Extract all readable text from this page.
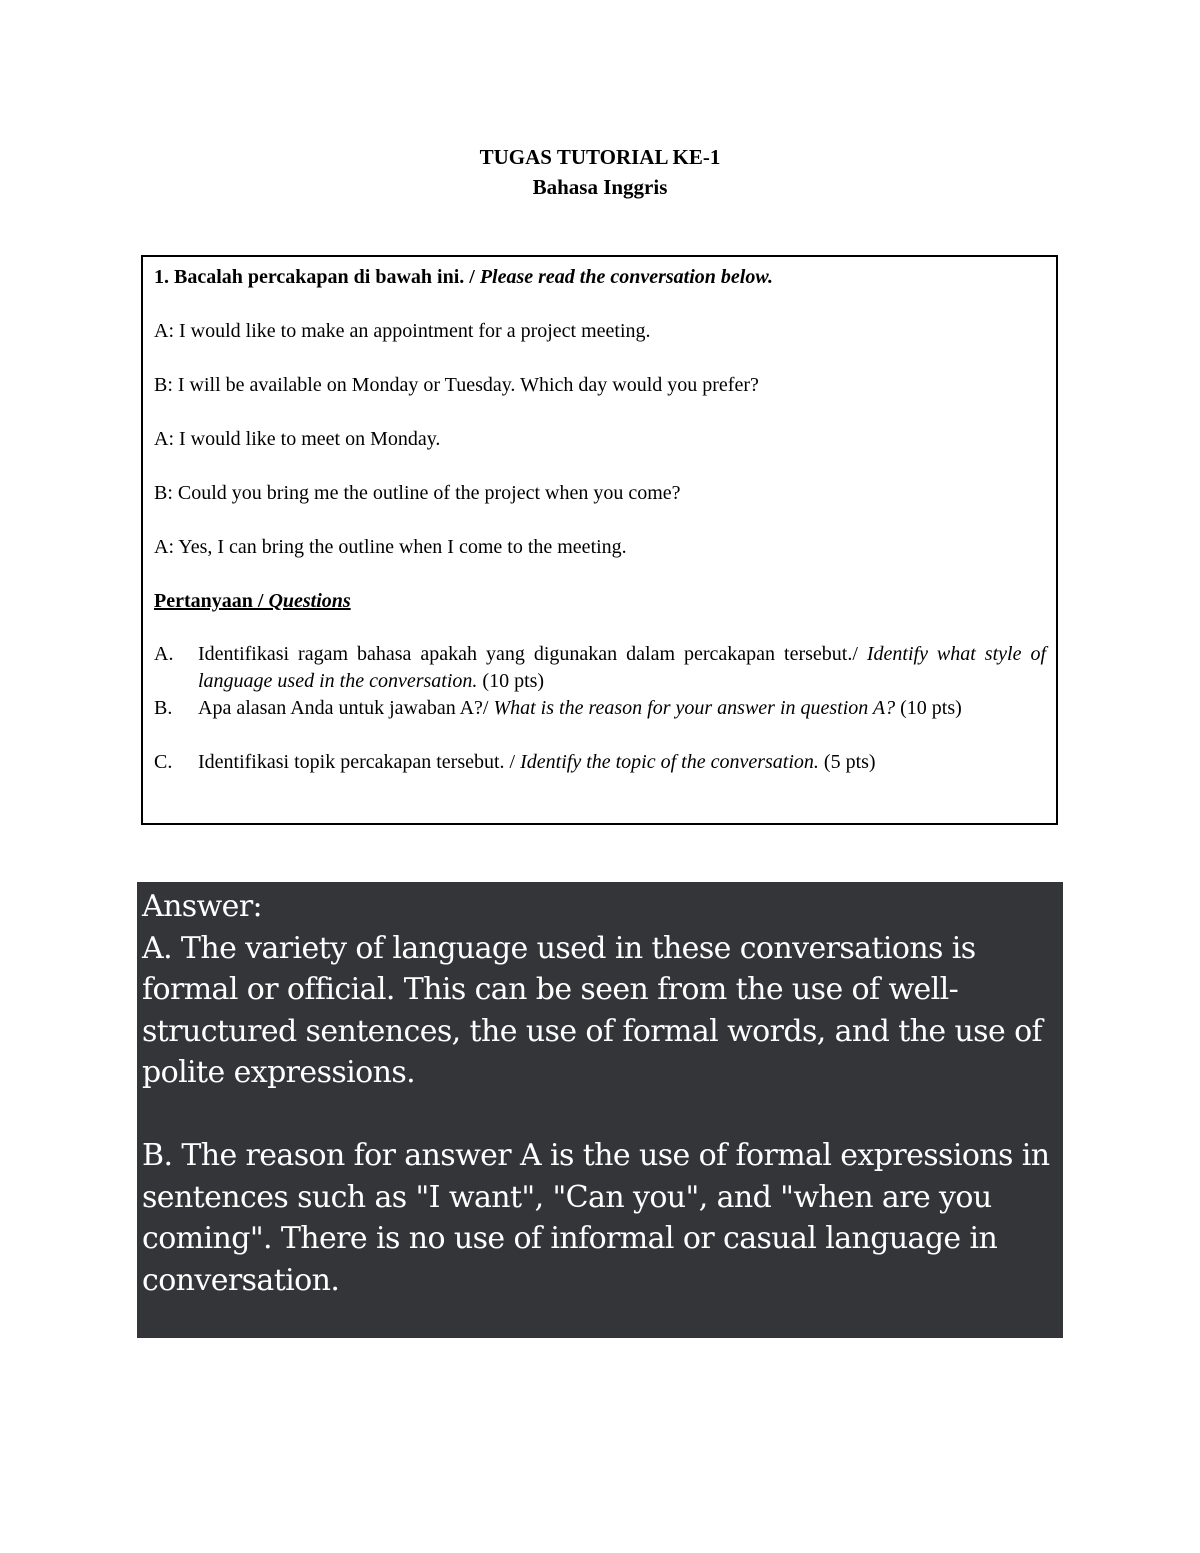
TUGAS TUTORIAL KE-1
Bahasa Inggris

1. Bacalah percakapan di bawah ini. / Please read the conversation below.

A: I would like to make an appointment for a project meeting.

B: I will be available on Monday or Tuesday. Which day would you prefer?

A: I would like to meet on Monday.

B: Could you bring me the outline of the project when you come?

A: Yes, I can bring the outline when I come to the meeting.

Pertanyaan / Questions

A.	Identifikasi ragam bahasa apakah yang digunakan dalam percakapan tersebut./ Identify what style of language used in the conversation. (10 pts)
B.	Apa alasan Anda untuk jawaban A?/ What is the reason for your answer in question A? (10 pts)
C.	Identifikasi topik percakapan tersebut. / Identify the topic of the conversation. (5 pts)

Answer:

A. The variety of language used in these conversations is formal or official. This can be seen from the use of well-structured sentences, the use of formal words, and the use of polite expressions.

B. The reason for answer A is the use of formal expressions in sentences such as "I want", "Can you", and "when are you coming". There is no use of informal or casual language in conversation.
